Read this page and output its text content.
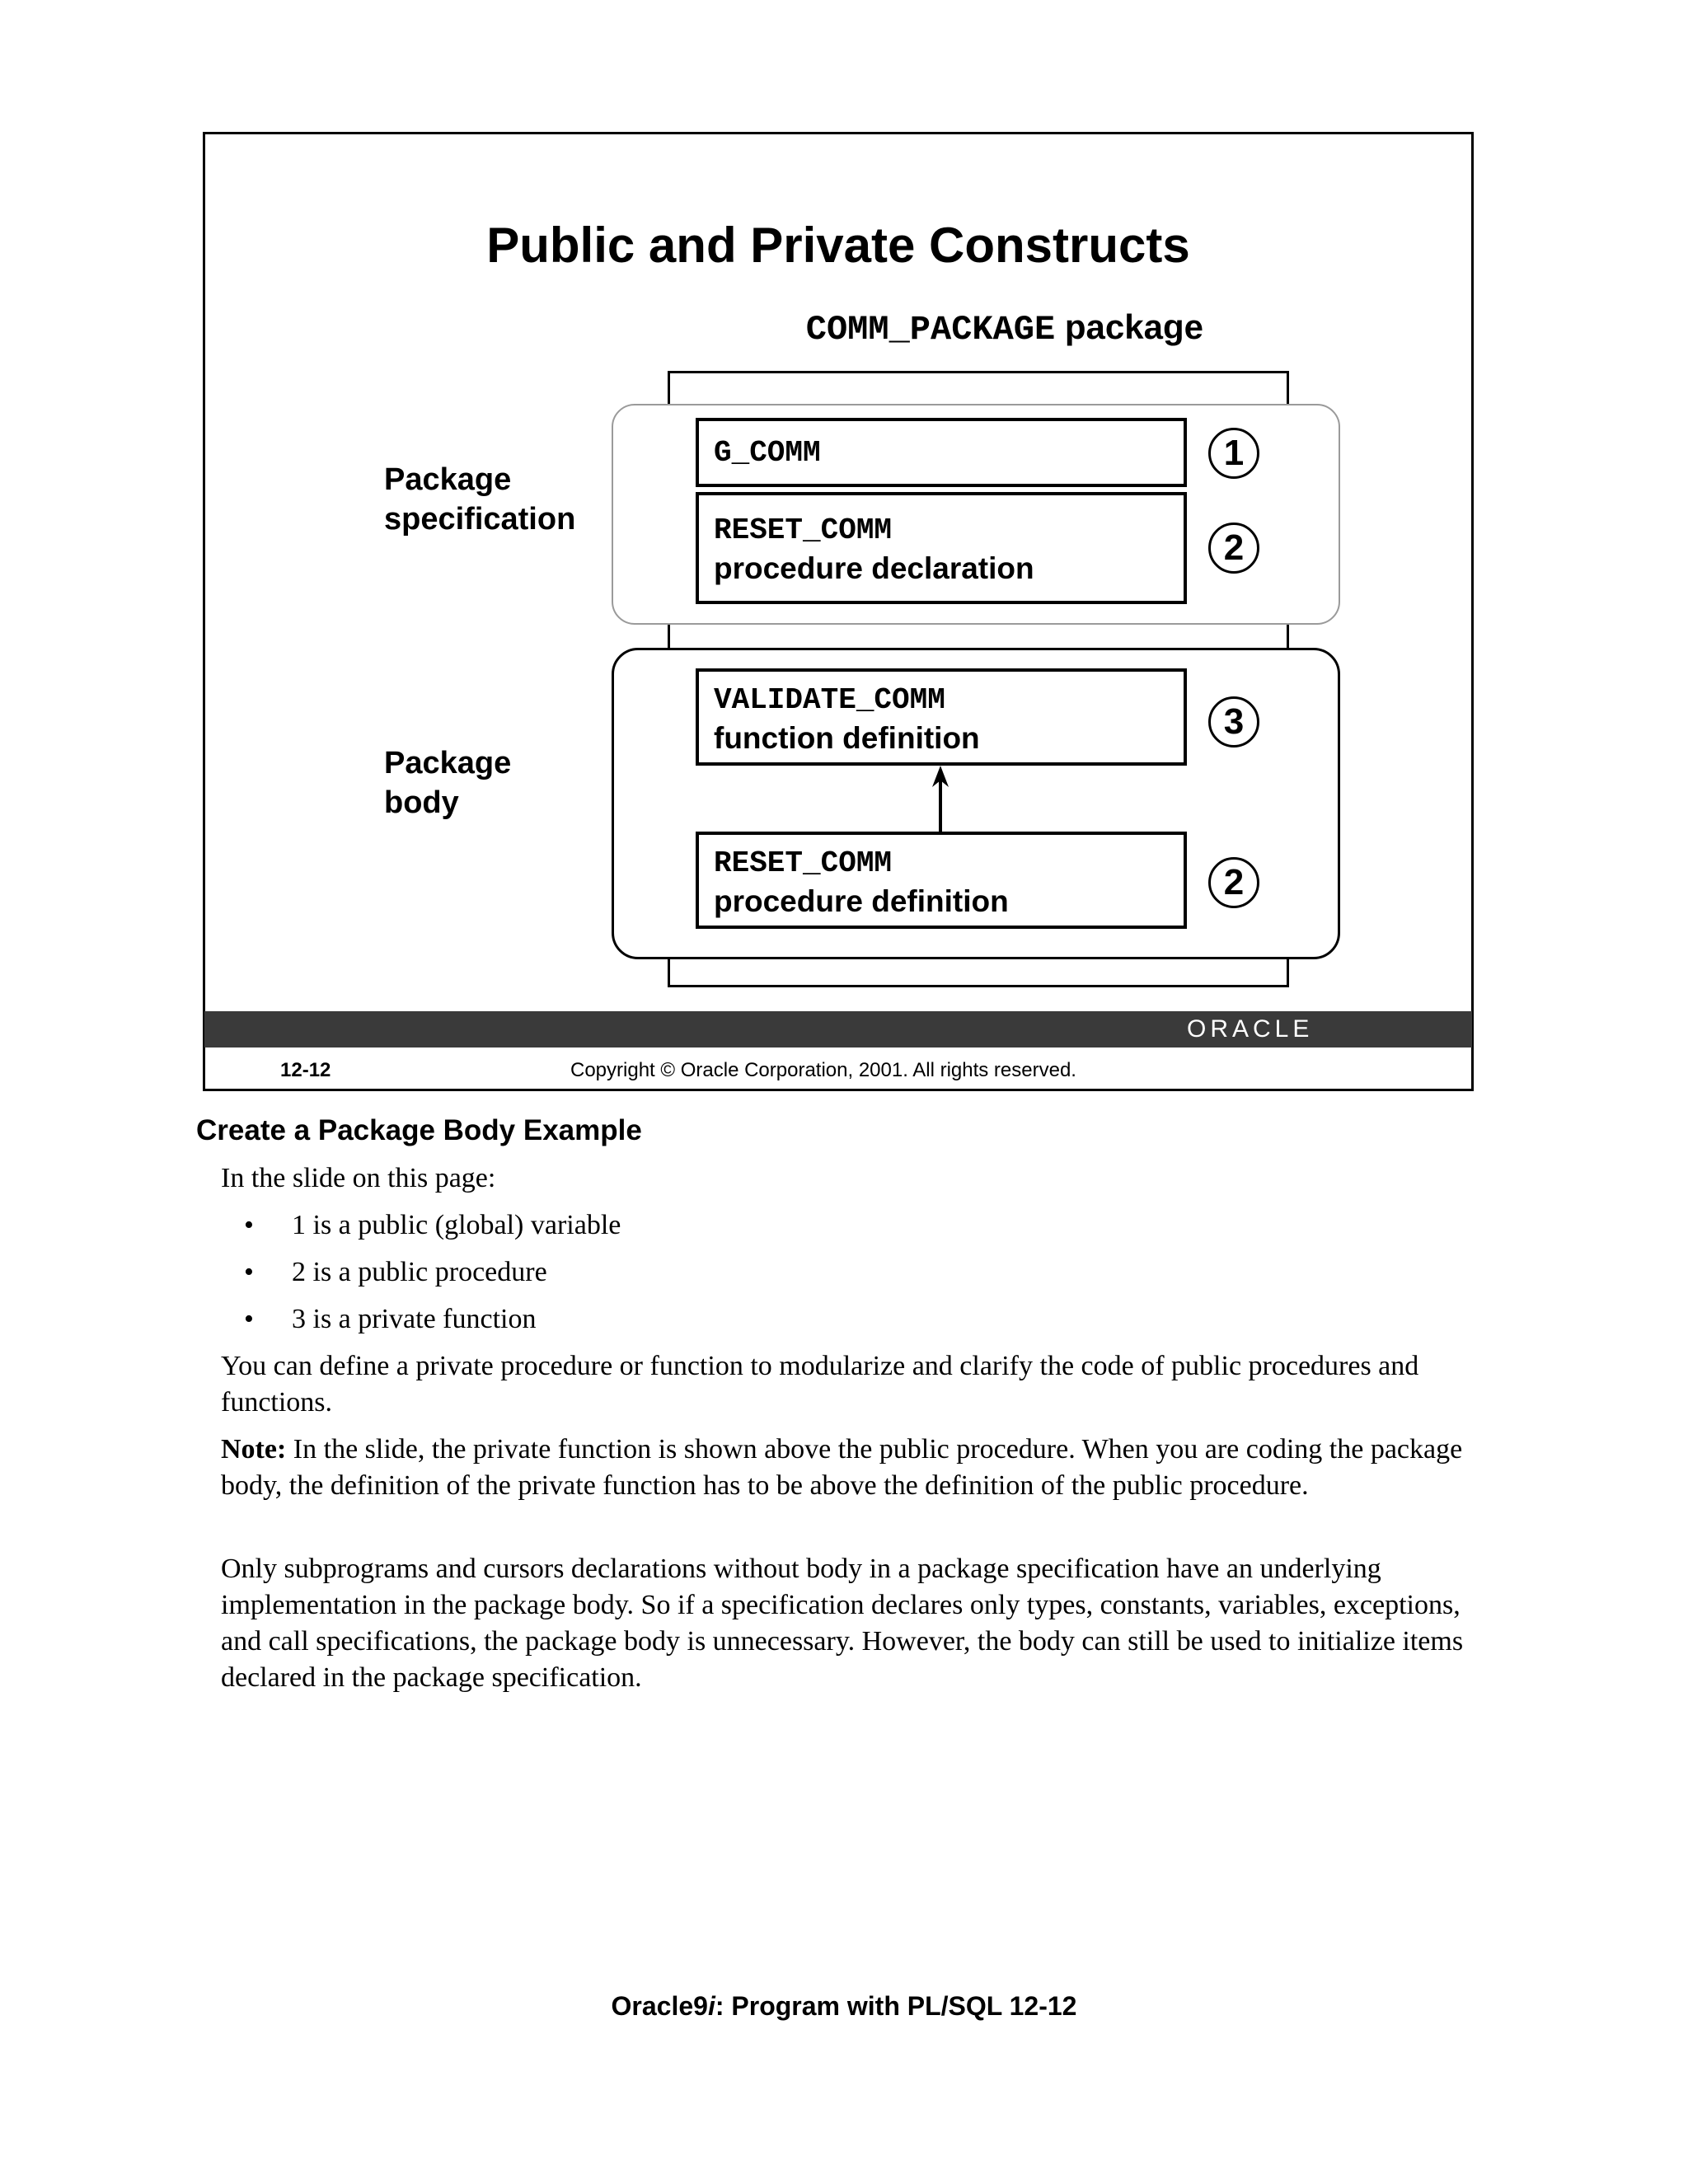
Public and Private Constructs
COMM_PACKAGE package
Package
specification
Package
body
G_COMM
RESET_COMM
procedure declaration
VALIDATE_COMM
function definition
RESET_COMM
procedure definition
1
2
3
2
ORACLE
12-12	Copyright © Oracle Corporation, 2001. All rights reserved.
Create a Package Body Example
In the slide on this page:
• 1 is a public (global) variable
• 2 is a public procedure
• 3 is a private function
You can define a private procedure or function to modularize and clarify the code of public procedures and functions.
Note: In the slide, the private function is shown above the public procedure. When you are coding the package body, the definition of the private function has to be above the definition of the public procedure.
Only subprograms and cursors declarations without body in a package specification have an underlying implementation in the package body. So if a specification declares only types, constants, variables, exceptions, and call specifications, the package body is unnecessary. However, the body can still be used to initialize items declared in the package specification.
Oracle9i: Program with PL/SQL 12-12
